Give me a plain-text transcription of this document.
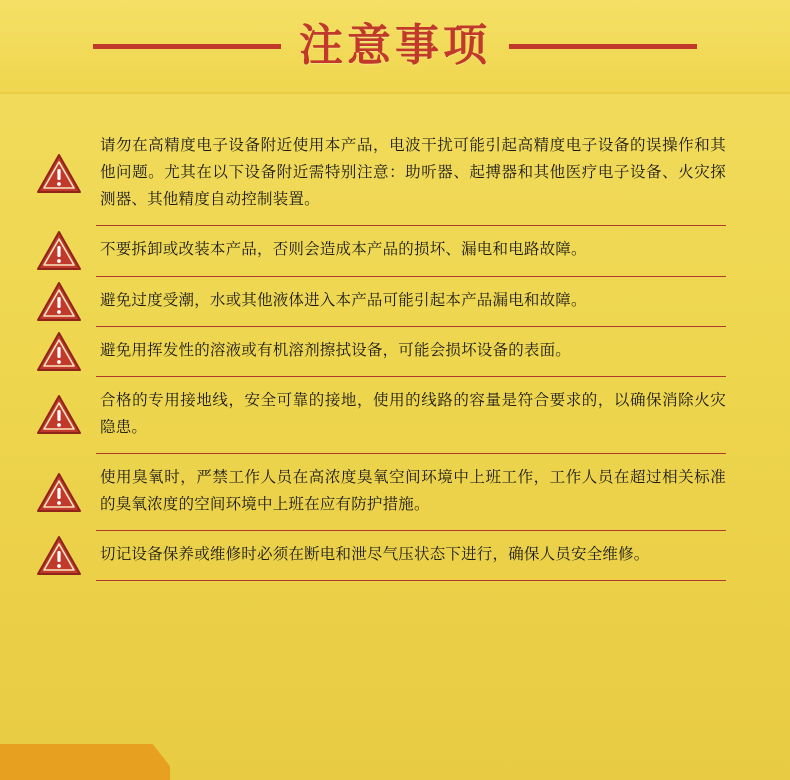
注意事项
请勿在高精度电子设备附近使用本产品，电波干扰可能引起高精度电子设备的误操作和其他问题。尤其在以下设备附近需特别注意：助听器、起搏器和其他医疗电子设备、火灾探测器、其他精度自动控制装置。
不要拆卸或改装本产品，否则会造成本产品的损坏、漏电和电路故障。
避免过度受潮，水或其他液体进入本产品可能引起本产品漏电和故障。
避免用挥发性的溶液或有机溶剂擦拭设备，可能会损坏设备的表面。
合格的专用接地线，安全可靠的接地，使用的线路的容量是符合要求的，以确保消除火灾隐患。
使用臭氧时，严禁工作人员在高浓度臭氧空间环境中上班工作，工作人员在超过相关标准的臭氧浓度的空间环境中上班在应有防护措施。
切记设备保养或维修时必须在断电和泄尽气压状态下进行，确保人员安全维修。
